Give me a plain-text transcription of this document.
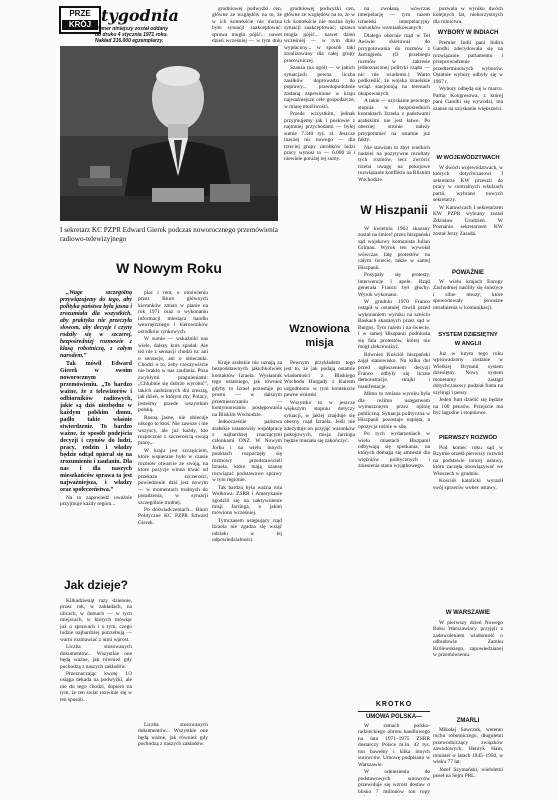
PRZE
KRÓJ tygodnia
Numer niniejszy został oddany
do druku 4 stycznia 1971 roku.
Nakład 316.000 egzemplarzy.
I sekretarz KC PZPR Edward Gierek podczas noworocznego przemówienia radiowo-telewizyjnego
W Nowym Roku

„Wage szczególną przywiązujemy do tego, aby polityka państwa była jasna i zrozumiała dla wszystkich, aby praktyka nie przeczyła słowom, aby decyzje i czyny rodziły się w szczerej, bezpośredniej rozmowie z klasą robotniczą, z całym narodem.”

Tak mówił Edward Gierek w swoim noworocznym przemówieniu. „To hardzo ważne, że z telewizorów i odbiorników radiowych, jakie są dziś niezbędne w każdym polskim domu, padło takie właśnie stwierdzenie. To bardzo ważne, że sposób podejścia decyzji i czynów do ludzi, pracy, rodzin i władzy będzie odtąd opierał się na zrozumieniu i zaufaniu. Dla nas i dla naszych mieszkańców sprawa ta jest najważniejsza, i władzy oraz społeczeństwa.”

Na to zapowiedź uważnie przyjmuje każdy region...

plac i rent, o omówieniu przez Biuro głównych kierunków zmian w planie na rok 1971 oraz o wykonaniu informacji miesiąca handlu wewnętrznego i kierowników ośrodków rynkowych.

W sumie — wskaźniki nas wiele, dalszy kurs spadał. Ale też nie z sensacji chodzi tu: ani o sensacje, ani o obiecanki. Chodzi o to, żeby rzeczywiście nie brakło w nas zaufania. Poza zwykłymi pragnieniami: „Chlubnie się dobrze wyrobić”, takich zasłużonych dni zresztą, jak dzień, w którym my, Polacy, jesteśmy przede wszystkim polską.

Rosną jasne, nie obiecuje nikogo to ktoś. Nie zawsze i nie wszyscy, ale już każdy, kto rozpocznie z szczerością swoją pracę...

W kraju jest szczęściem, które wspierane było w czasie rozmów otwarcie ze swoją, na które pozycje winna trwać od przekazu szczerości, powiedzenie dziś jest nowym — w momentach trudnych do poradzenia, w sytuacji szczególnie trudnej.

Po doświadczeniach... Biuro Polityczne KC PZPR Edward Gierek.

Jak dzieje?

Kilkadziesiąt razy dziennie, przez rok, w zakładach, na ulicach, w domach — w tych miejscach, w których mówiąc już o sprawach i o tym, czego ludzie najbardziej potrzebują — warto rozmawiać z nimi wprost.

Liczba stosowanych dokumentów... Wszystkie one będą ważne, jak również gdy pochodzą z naszych zakładów.

Przeznaczając kwotę 1/3 osiąga dekada na podwyżki, ale nie do tego chodzi, dopiero na tym, że ten świat rozwinie się w ten sposób...

Liczba stosowanych dokumentów... Wszystkie one będą ważne, jak również gdy pochodzą z naszych zakładów.

grudniowej podwyżki cen, główne ze względów na to, że w ich kontekście nie można było sytuacji zaakceptować; sprawa mogła pójść... nawet dzień wcześniej — w tym dniu

grudniowej podwyżki cen, główne ze względów na to, że w ich kontekście nie można było sytuacji zaakceptować; sprawa mogła pójść... nawet dzień wcześniej — w tym dniu wypłacony... w sposób taki zrealizowany dla całej grupy pracowniczej.

Szansa (na ogół) — w jakich sytuacjach pewna liczba zasiłków doprowadzi do poprawy... prawdopodobnie zostaną zapewnione w kraju najważniejsze cele gospodarcze, w miarę możliwości.

Przede wszystkim, jednak przyjmujemy jak i posłowie z najmniej przychodami — byłej sumie 7.340 tyś. zł. Jeszcze inaczej nic nowego — dla trzeciej grupy zarobków ludzi pracy wynosi to — 6.000 zł i niewiele poniżej tej sumy.

Wznowiona misja

Kraje arabskie nie uznają za bezpodstawnych jakichkolwiek kontaktów Izraela. Wysłannik tego ostatniego, jak również gdyby to Izrael pozostaje po prostu — w dalszym przemieszczaniu — kontynuowaniu postępowania na Bliskim Wschodzie.

Jednocześnie państwa arabskie ustanowiły współpracę z najbardziej znaczącymi członkami ONZ. W Nowym Jorku i na wielu innych punktach rozpoczęły się rozmowy przedstawicieli Izraela, które mają szansę rozwiązać podstawowe sprawy w tym regionie.

Tak bardzo była ważna rola Wołkowa. ZSRR i Amerykanie zgodzili się na uaktywnienie misji Jarringa, o jakim mówiono wcześniej.

Tymczasem ustępujący rząd Izraela nie zgadza się wziąć udziału w tej odpowiedzialności.

Pewnym przykładem tego jest to, że jak podają ostatnie wiadomości z Bliskiego Wschodu Hurgady z Kairem uzgodniono w tym kontekście pewne wnioski.

Wszystko to w jeszcze większym stopniu dotyczy sytuacji, w jakiej znajduje się obecny rząd Izraela. Jeśli nie zdecyduje on przyjąć warunków pokojowych, misja Jarringa będzie musiała się zakończyć.

na zwołaną wówczas interpelację — tym razem izraelski interpelacyjny warunków wzmiankowanych.

Dlatego obecnie rząd w Tel Awiwie skierował do przygotowania do rozmów z Jarringiem. (O przebiegu rozmów w zakresie jednoznacznej polityki rządu — nic nie wiadomo.) Warto podkreślić, że wojska izraelskie wciąż stacjonują na terenach okupowanych.

A takie — uzyskanie pewnego stopnia w bezpośrednich kontaktach Izraela z państwami arabskimi nie jest łatwe. Po obecnej stronie należy przypomnieć na ostatnie już fakty.

Nie stawiam tu zbyt wielkich nadziei na pozytywne rezultaty tych rozmów, lecz zwrócić trzeba uwagę na pokojowe rozwiązanie konfliktu na Bliskim Wschodzie.

W Hiszpanii

W kwietniu 1963 skazany został na śmierć przez hiszpański sąd wojskowy komunista Julian Grimau. Wyrok ten wywołał wówczas falę protestów na całym świecie, także w samej Hiszpanii.

Posypały się protesty, interwencje i apele. Rząd generała Franco był głuchy. Wyrok wykonano.

W grudniu 1970 Franco ustąpił w ostatniej chwili przed wykonaniem wyroku na sześciu Baskach skazanych przez sąd w Burgos. Tym razem i na świecie, i w samej Hiszpanii podniosła się fala protestów, której nie mógł zlekceważyć.

Również Kościół hiszpański zajął stanowisko. Na kilka dni przed ogłoszeniem decyzji Franco odbyły się liczne demonstracje, strajki i manifestacje.

Mimo to zmiana wyroku była dla reżimu ustępstwem wymuszonym przez opinię publiczną. Sytuacja polityczna w Hiszpanii pozostaje napięta, a opozycja rośnie w siłę.

Po tych wydarzeniach w wielu miastach Hiszpanii odbywają się spotkania, na których domaga się amnestii dla więźniów politycznych i zniesienia stanu wyjątkowego.

KRÓTKO
UMOWA POLSKA—

W ramach polsko-radzieckiego obrotu handlowego na lata 1971–1975 ZSRR dostarczy Polsce m.in. 42 tys. ton bawełny i kilka innych surowców. Umowę podpisano w Warszawie.

W odniesieniu do podstawowych surowców przewiduje się wzrost dostaw o blisko 7 milionów ton ropy

pozwala w wyniku dwóch kolejnych lat, niekorzystnych dla rolnictwa.

WYBORY W INDIACH

Premier Indii pani Indira Gandhi zdecydowała się na rozwiązanie parlamentu i przeprowadzenie przedterminowych wyborów. Ostatnie wybory odbyły się w 1967 r.

Wybory odbędą się w marcu. Partia Kongresowa, z której pani Gandhi się wywodzi, ma szanse na uzyskanie większości.

W WOJEWÓDZTWACH

W dwóch województwach, w których dotychczasowi I sekretarze KW przeszli do pracy w centralnych władzach partii, wybrano nowych sekretarzy.

W Katowicach I sekretarzem KW PZPR wybrany został Zdzisław Grudzień. W Poznaniu sekretarzem KW został Jerzy Zasada.

POWAŻNIE

W wielu krajach Europy Zachodniej nasiliły się śnieżyce i silne mrozy, które spowodowały poważne utrudnienia w komunikacji.

SYSTEM DZIESIĘTNY
W ANGLII

Już w lutym tego roku wprowadzony zostanie w Wielkiej Brytanii system dziesiętny. Nowy system monetarny zastąpi dotychczasowy podział funta na szylingi i pensy.

Jeden funt dzielić się będzie na 100 pensów. Przejście ma być łagodne i stopniowe.

PIERWSZY ROZWÓD

Pod koniec roku sąd w Rzymie orzekł pierwszy rozwód na podstawie nowej ustawy, która zaczęła obowiązywać we Włoszech w grudniu.

Kościół katolicki wyraził swój sprzeciw wobec ustawy.

W WARSZAWIE

W pierwszy dzień Nowego Roku Warszawiacy przyjęli z zadowoleniem wiadomość o odbudowie Zamku Królewskiego, zapowiedzianej w przemówieniu.

ZMARLI

Mikołaj Sawczuk, weteran ruchu robotniczego, długoletni przewodniczący związków zawodowych. Henryk Hain, minister w latach 1945–1950, w wieku 77 lat.

Józef Szymański, wieloletni poseł na Sejm PRL.
